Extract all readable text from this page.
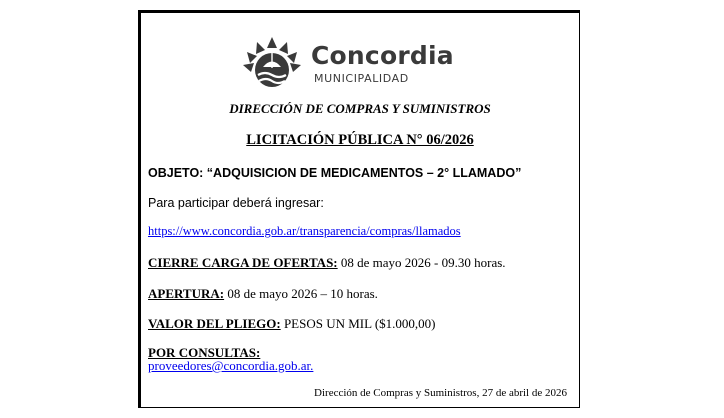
Concordia
MUNICIPALIDAD
DIRECCIÓN DE COMPRAS Y SUMINISTROS
LICITACIÓN PÚBLICA N° 06/2026
OBJETO: “ADQUISICION DE MEDICAMENTOS – 2° LLAMADO”
Para participar deberá ingresar:
https://www.concordia.gob.ar/transparencia/compras/llamados
CIERRE CARGA DE OFERTAS: 08 de mayo 2026 - 09.30 horas.
APERTURA: 08 de mayo 2026 – 10 horas.
VALOR DEL PLIEGO: PESOS UN MIL ($1.000,00)
POR CONSULTAS:
proveedores@concordia.gob.ar.
Dirección de Compras y Suministros, 27 de abril de 2026
